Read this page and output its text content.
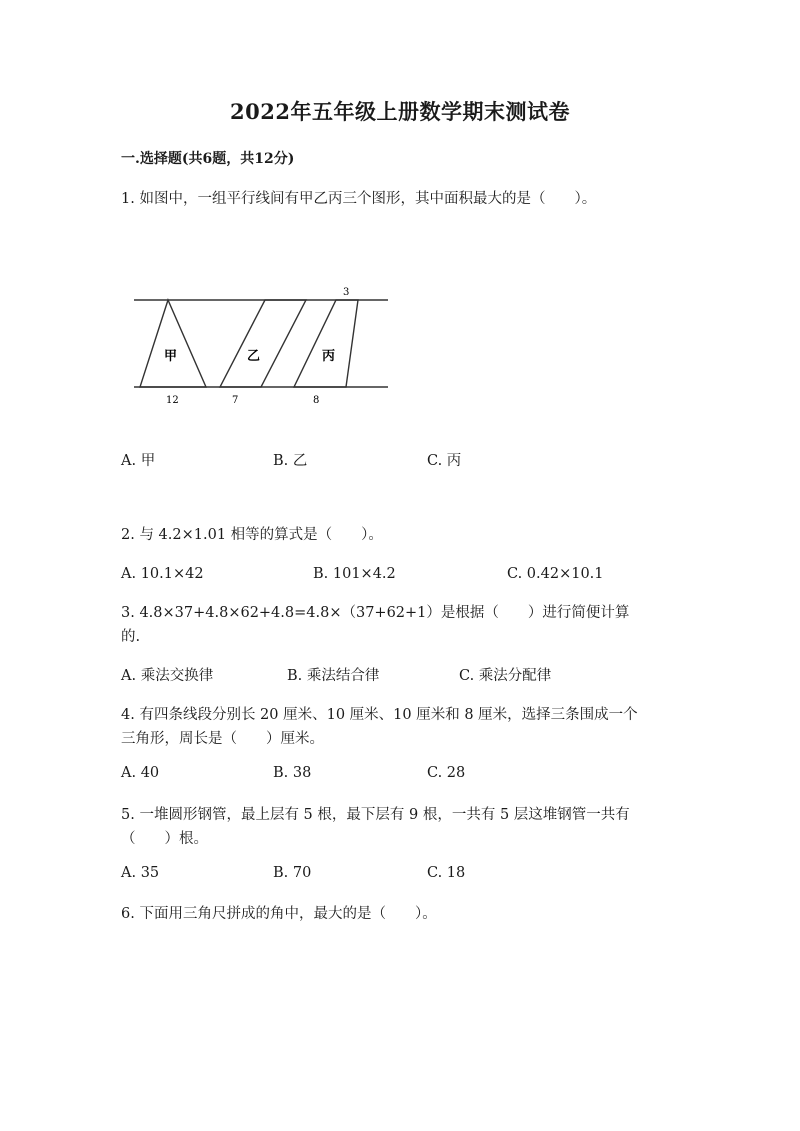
2022年五年级上册数学期末测试卷
一.选择题(共6题，共12分)
1. 如图中，一组平行线间有甲乙丙三个图形，其中面积最大的是（　　）。
甲	乙	丙
3
12	7	8
A. 甲	B. 乙	C. 丙
2. 与 4.2×1.01 相等的算式是（　　）。
A. 10.1×42	B. 101×4.2	C. 0.42×10.1
3. 4.8×37+4.8×62+4.8=4.8×（37+62+1）是根据（　　）进行简便计算
的.
A. 乘法交换律	B. 乘法结合律	C. 乘法分配律
4. 有四条线段分别长 20 厘米、10 厘米、10 厘米和 8 厘米，选择三条围成一个
三角形，周长是（　　）厘米。
A. 40	B. 38	C. 28
5. 一堆圆形钢管，最上层有 5 根，最下层有 9 根，一共有 5 层这堆钢管一共有
（　　）根。
A. 35	B. 70	C. 18
6. 下面用三角尺拼成的角中，最大的是（　　）。
